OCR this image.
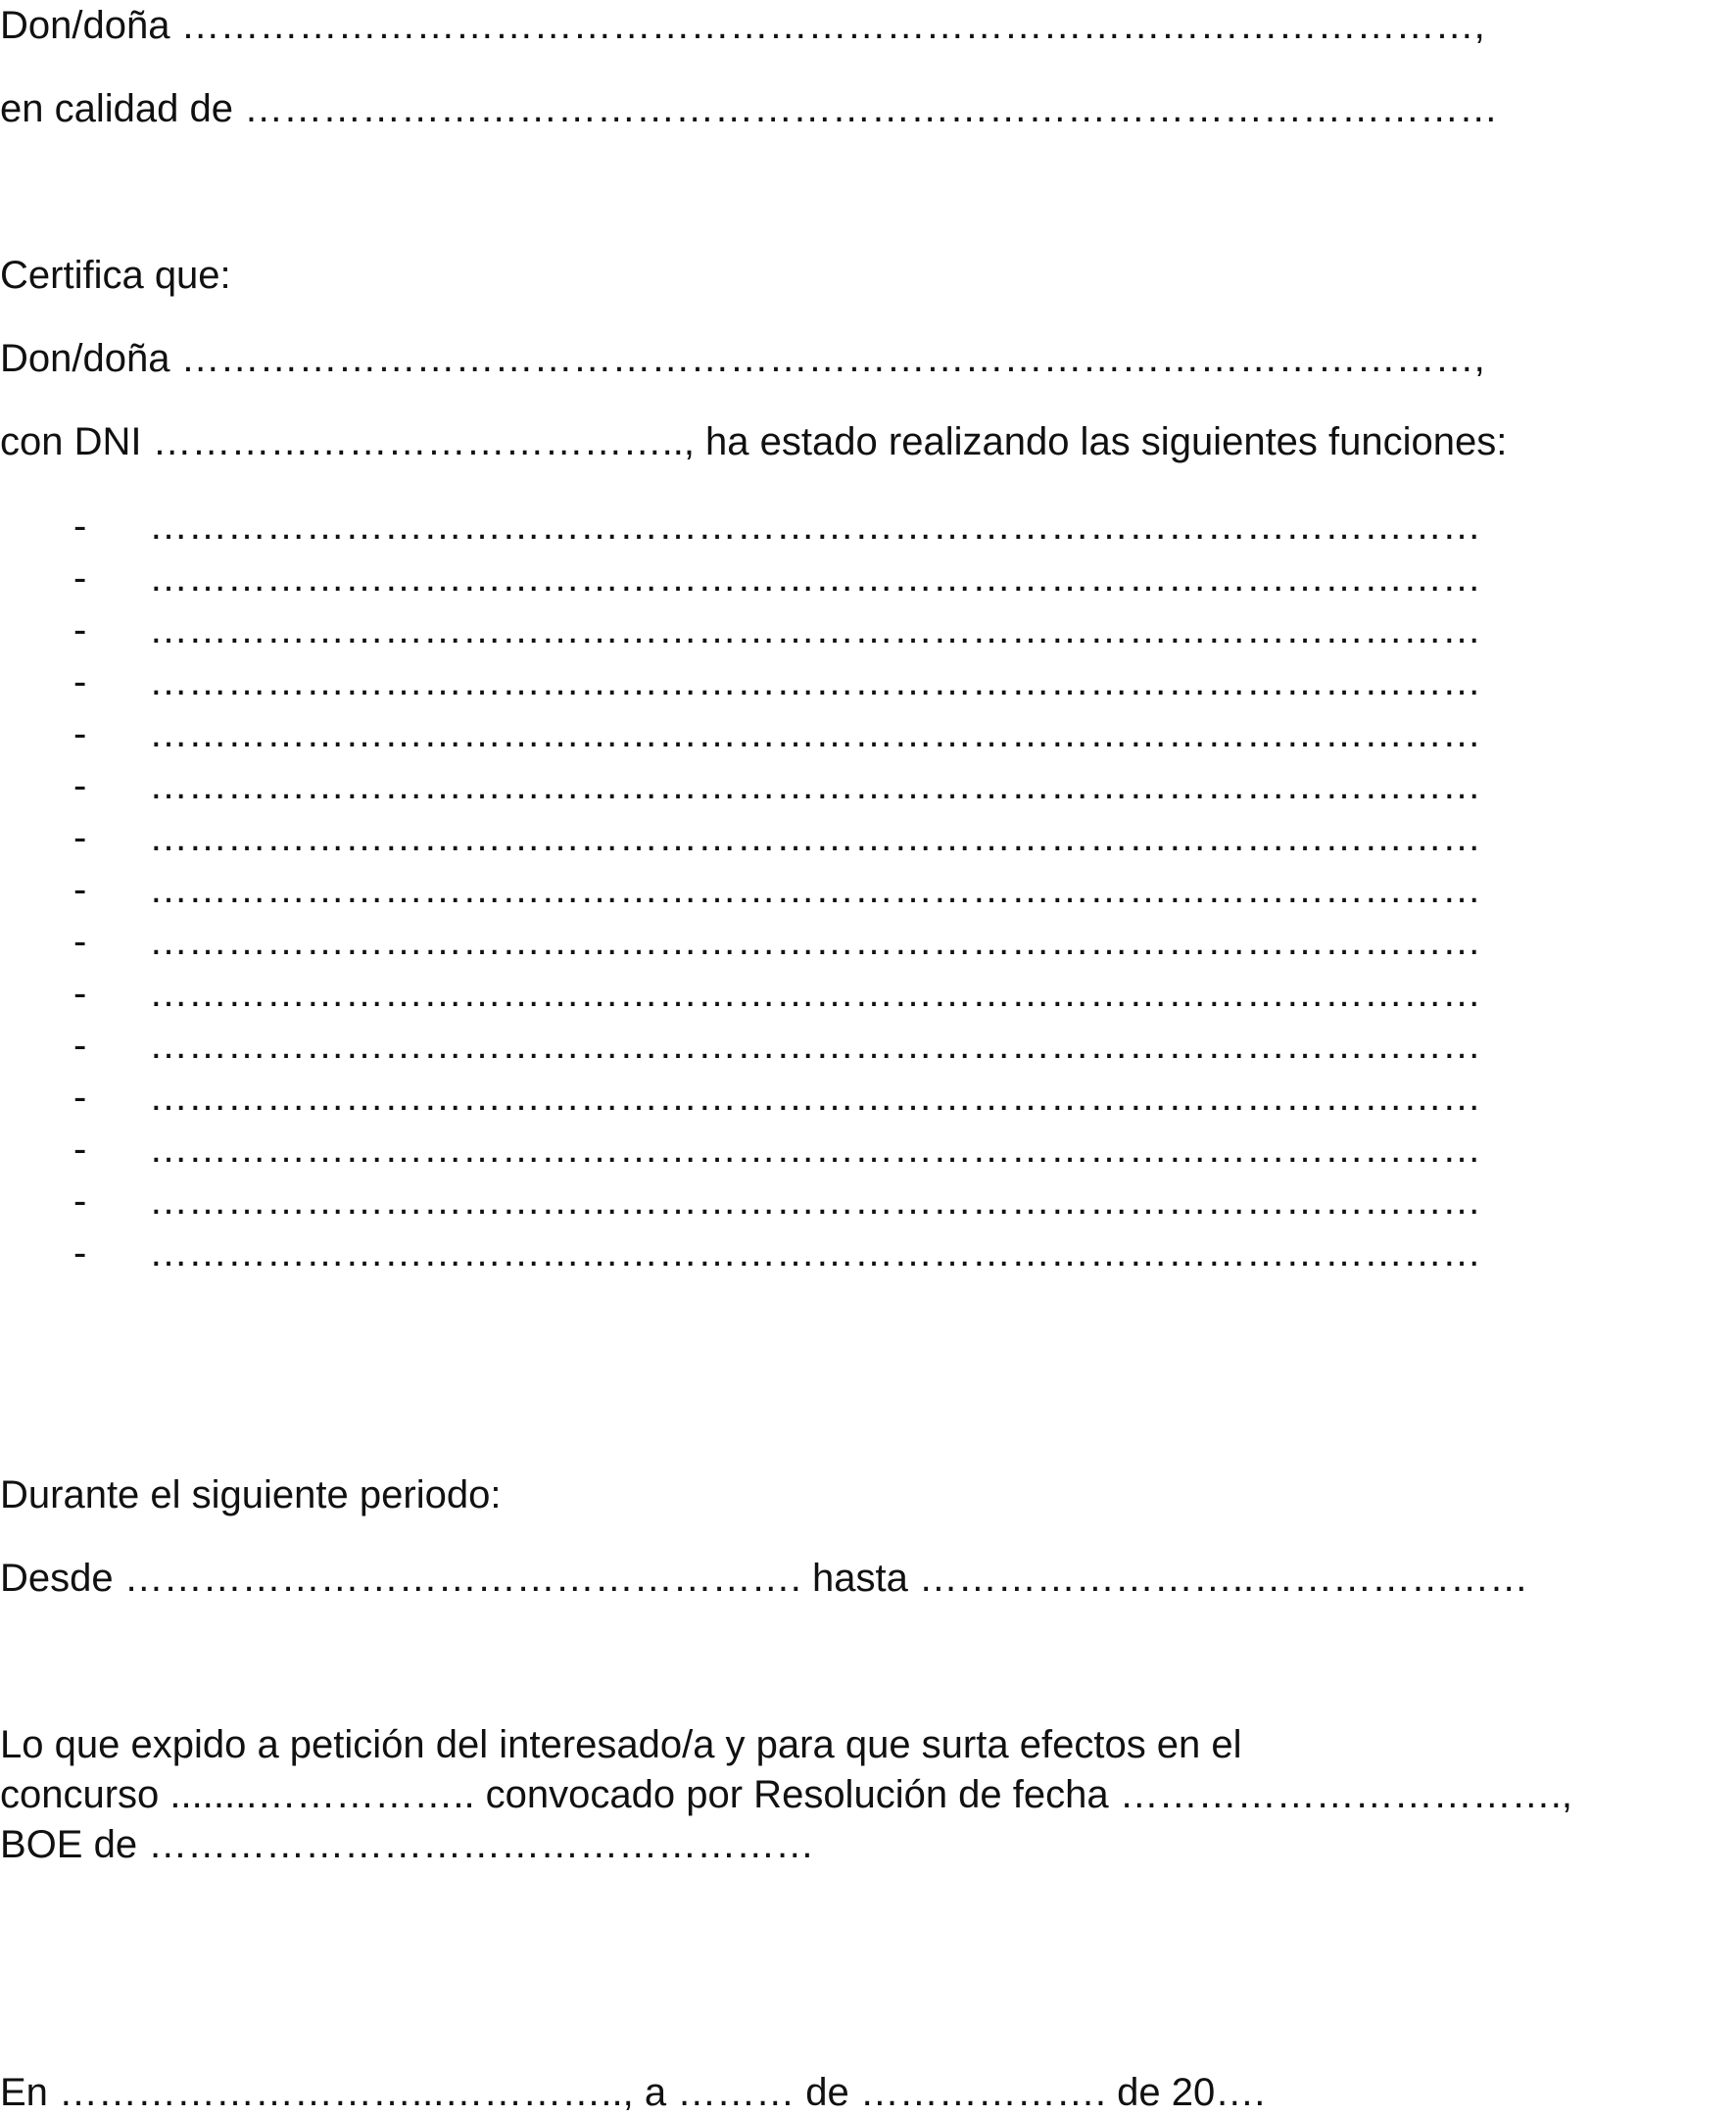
Don/doña ………………………………………………………………………………………,
en calidad de ……………………………………………………………………………………
Certifica que:
Don/doña ………………………………………………………………………………………,
con DNI ………………………………….., ha estado realizando las siguientes funciones:
- …………………………………………………………………………………………
- …………………………………………………………………………………………
- …………………………………………………………………………………………
- …………………………………………………………………………………………
- …………………………………………………………………………………………
- …………………………………………………………………………………………
- …………………………………………………………………………………………
- …………………………………………………………………………………………
- …………………………………………………………………………………………
- …………………………………………………………………………………………
- …………………………………………………………………………………………
- …………………………………………………………………………………………
- …………………………………………………………………………………………
- …………………………………………………………………………………………
- …………………………………………………………………………………………
Durante el siguiente periodo:
Desde ……………………………………………. hasta ……………………..…………………
Lo que expido a petición del interesado/a y para que surta efectos en el
concurso ........…………….. convocado por Resolución de fecha …………………………….,
BOE de ……………………………………………
En ………………………...………….., a ……… de ………………. de 20….
